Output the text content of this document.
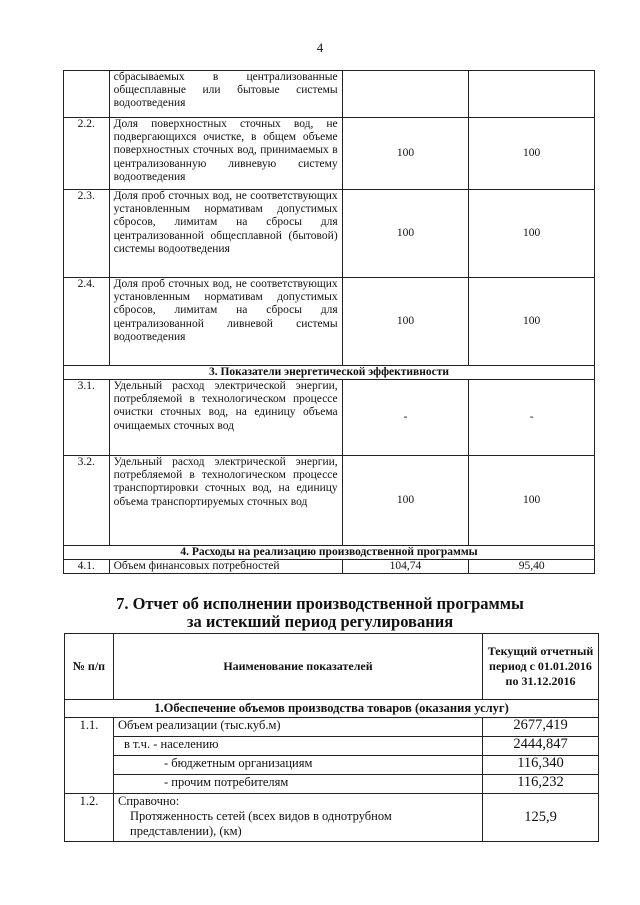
4
	сбрасываемых в централизованные общесплавные или бытовые системы водоотведения		
2.2.	Доля поверхностных сточных вод, не подвергающихся очистке, в общем объеме поверхностных сточных вод, принимаемых в централизованную ливневую систему водоотведения	100	100
2.3.	Доля проб сточных вод, не соответствующих установленным нормативам допустимых сбросов, лимитам на сбросы для централизованной общесплавной (бытовой) системы водоотведения	100	100
2.4.	Доля проб сточных вод, не соответствующих установленным нормативам допустимых сбросов, лимитам на сбросы для централизованной ливневой системы водоотведения	100	100
3. Показатели энергетической эффективности			
3.1.	Удельный расход электрической энергии, потребляемой в технологическом процессе очистки сточных вод, на единицу объема очищаемых сточных вод	-	-
3.2.	Удельный расход электрической энергии, потребляемой в технологическом процессе транспортировки сточных вод, на единицу объема транспортируемых сточных вод	100	100
4. Расходы на реализацию производственной программы			
4.1.	Объем финансовых потребностей	104,74	95,40
7. Отчет об исполнении производственной программы
за истекший период регулирования
№ п/п	Наименование показателей	Текущий отчетный период с 01.01.2016 по 31.12.2016
1.Обеспечение объемов производства товаров (оказания услуг)		
1.1.	Объем реализации (тыс.куб.м)	2677,419
	в т.ч. - населению	2444,847
	- бюджетным организациям	116,340
	- прочим потребителям	116,232
1.2.	Справочно:
Протяженность сетей (всех видов в однотрубном представлении), (км)	125,9
